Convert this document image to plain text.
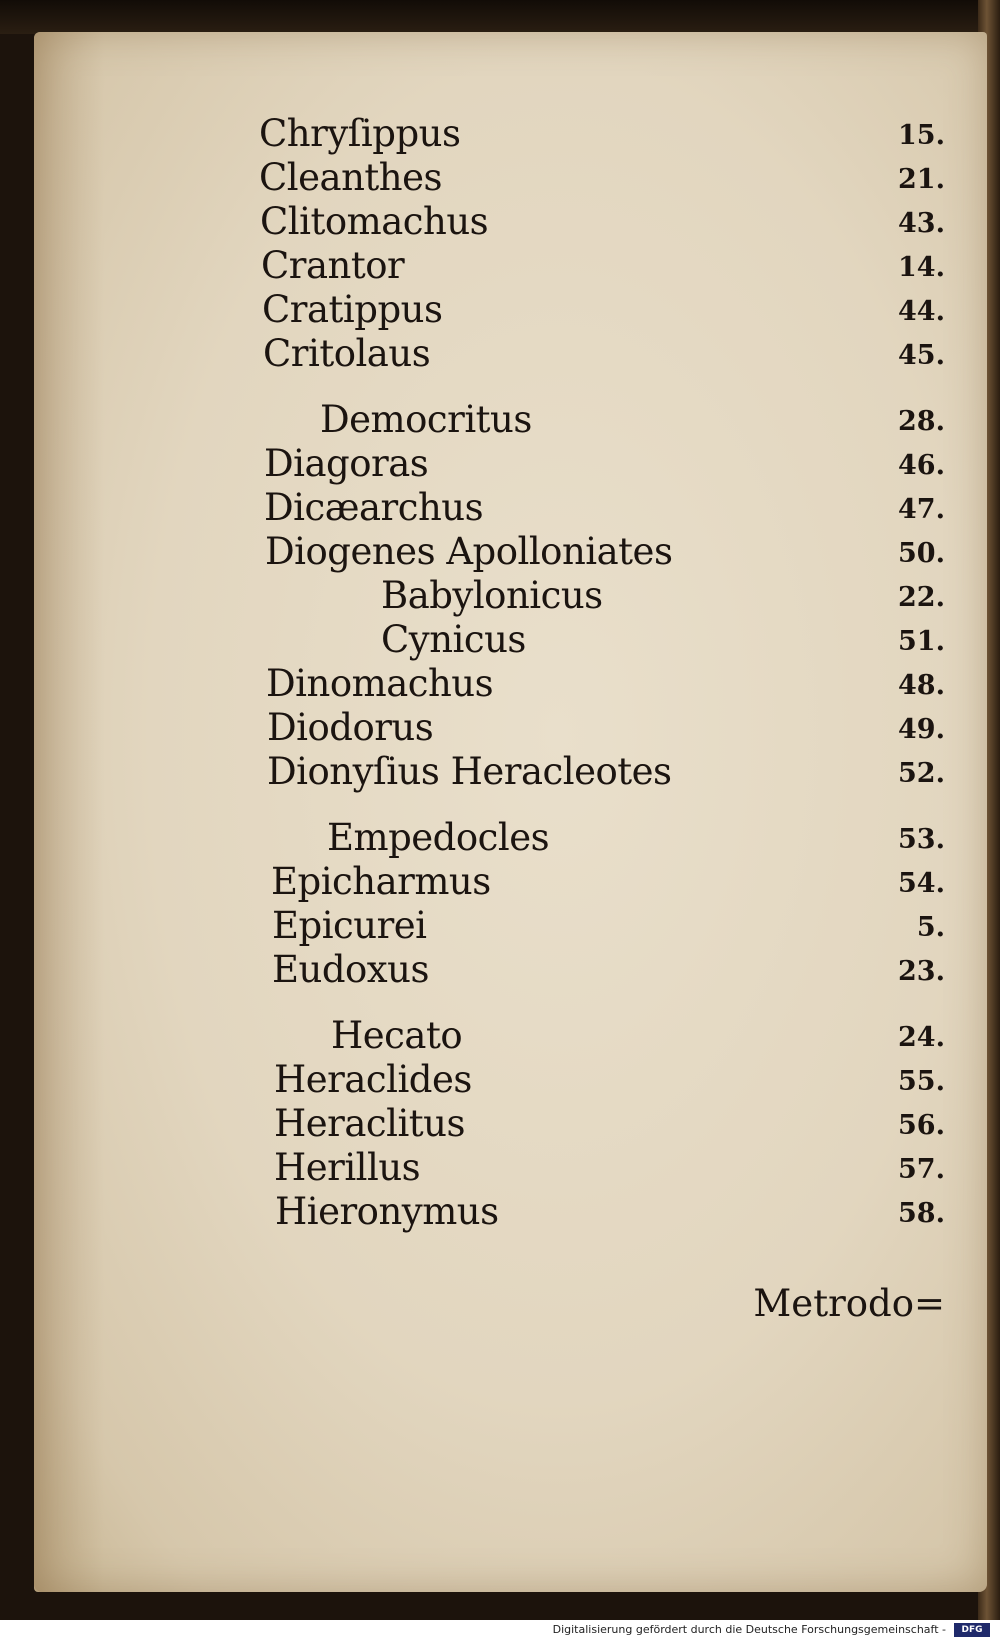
Chryſippus	15.
Cleanthes	21.
Clitomachus	43.
Crantor	14.
Cratippus	44.
Critolaus	45.
Democritus	28.
Diagoras	46.
Dicæarchus	47.
Diogenes Apolloniates	50.
Babylonicus	22.
Cynicus	51.
Dinomachus	48.
Diodorus	49.
Dionyſius Heracleotes	52.
Empedocles	53.
Epicharmus	54.
Epicurei	5.
Eudoxus	23.
Hecato	24.
Heraclides	55.
Heraclitus	56.
Herillus	57.
Hieronymus	58.
Metrodo=
Digitalisierung gefördert durch die Deutsche Forschungsgemeinschaft -	DFG
